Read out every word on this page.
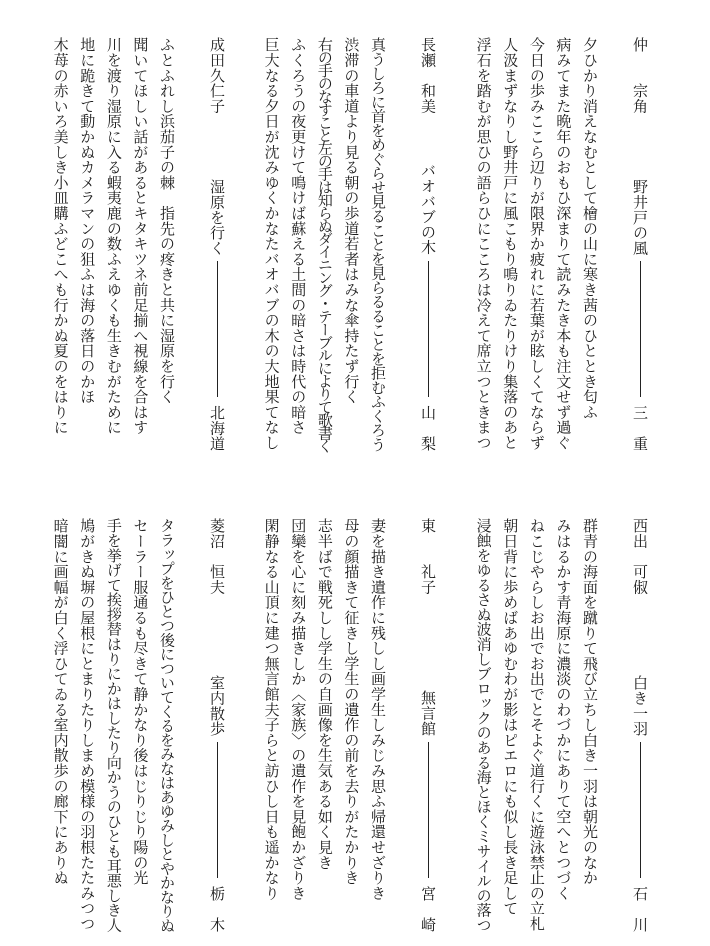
仲　　宗角
野井戸の風
三　重
夕ひかり消えなむとして檜の山に寒き茜のひととき匂ふ
病みてまた晩年のおもひ深まりて読みたき本も注文せず過ぐ
今日の歩みここら辺りが限界か疲れに若葉が眩しくてならず
人汲まずなりし野井戸に風こもり鳴りゐたりけり集落のあと
浮石を踏むが思ひの語らひにこころは冷えて席立つときまつ
長瀬　和美
バオバブの木
山　梨
真うしろに首をめぐらせ見ることを見らるることを拒むふくろう
渋滞の車道より見る朝の歩道若者はみな傘持たず行く
右の手のなすこと左の手は知らぬダイニング・テーブルによりて歌書く
ふくろうの夜更けて鳴けば蘇える土間の暗さは時代の暗さ
巨大なる夕日が沈みゆくかなたバオバブの木の大地果てなし
成田久仁子
湿原を行く
北海道
ふとふれし浜茄子の棘　指先の疼きと共に湿原を行く
聞いてほしい話があるとキタキツネ前足揃へ視線を合はす
川を渡り湿原に入る蝦夷鹿の数ふえゆくも生きむがために
地に跪きて動かぬカメラマンの狙ふは海の落日のかほ
木苺の赤いろ美しき小皿購ふどこへも行かぬ夏のをはりに
西出　可俶
白き一羽
石　川
群青の海面を蹴りて飛び立ちし白き一羽は朝光のなか
みはるかす青海原に濃淡のわづかにありて空へとつづく
ねこじやらしお出でお出でとそよぐ道行くに遊泳禁止の立札
朝日背に歩めばあゆむわが影はピエロにも似し長き足して
浸蝕をゆるさぬ波消しブロックのある海とほくミサイルの落つ
東　　礼子
無言館
宮　崎
妻を描き遺作に残しし画学生しみじみ思ふ帰還せざりき
母の顔描きて征きし学生の遺作の前を去りがたかりき
志半ばで戦死しし学生の自画像を生気ある如く見き
団欒を心に刻み描きしか〈家族〉の遺作を見飽かざりき
閑静なる山頂に建つ無言館夫子らと訪ひし日も遥かなり
菱沼　恒夫
室内散歩
栃　木
タラップをひとつ後についてくるをみなはあゆみしとやかなりぬ
セーラー服通るも尽きて静かなり後はじりじり陽の光
手を挙げて挨拶替はりにかはしたり向かうのひとも耳悪しき人
鳩がきぬ塀の屋根にとまりたりしまめ模様の羽根たたみつつ
暗闇に画幅が白く浮ひてゐる室内散歩の廊下にありぬ
